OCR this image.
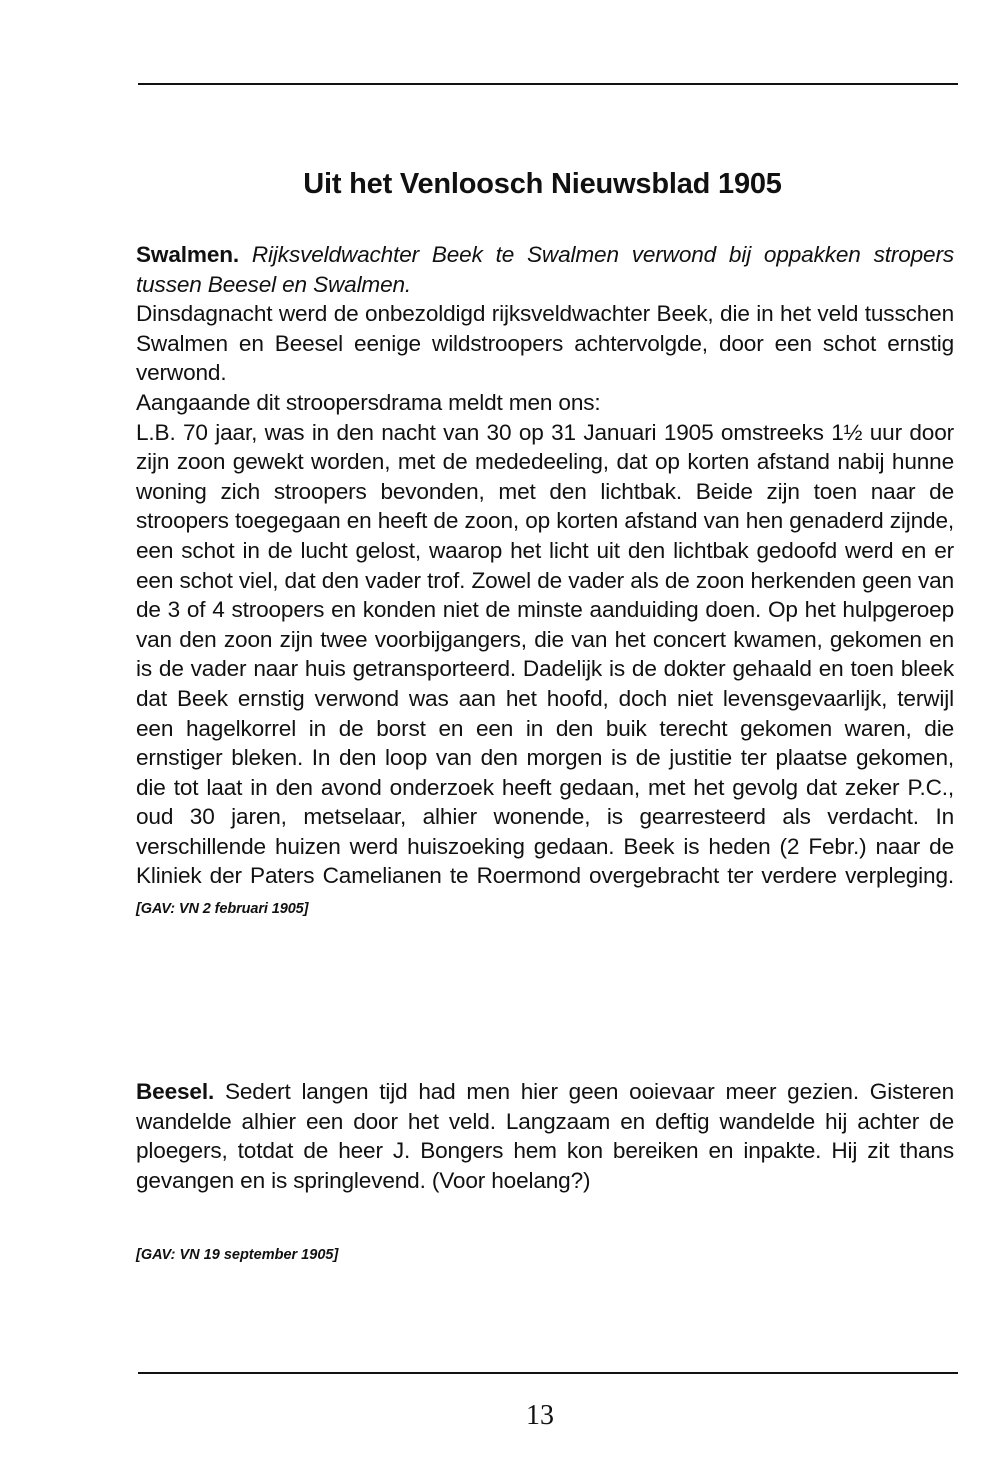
Uit het Venloosch Nieuwsblad 1905

Swalmen. Rijksveldwachter Beek te Swalmen verwond bij oppakken stropers tussen Beesel en Swalmen.

Dinsdagnacht werd de onbezoldigd rijksveldwachter Beek, die in het veld tusschen Swalmen en Beesel eenige wildstroopers achtervolgde, door een schot ernstig verwond.

Aangaande dit stroopersdrama meldt men ons:

L.B. 70 jaar, was in den nacht van 30 op 31 Januari 1905 omstreeks 1½ uur door zijn zoon gewekt worden, met de mededeeling, dat op korten afstand nabij hunne woning zich stroopers bevonden, met den lichtbak. Beide zijn toen naar de stroopers toegegaan en heeft de zoon, op korten afstand van hen genaderd zijnde, een schot in de lucht gelost, waarop het licht uit den lichtbak gedoofd werd en er een schot viel, dat den vader trof. Zowel de vader als de zoon herkenden geen van de 3 of 4 stroopers en konden niet de minste aanduiding doen. Op het hulpgeroep van den zoon zijn twee voorbijgangers, die van het concert kwamen, gekomen en is de vader naar huis getransporteerd. Dadelijk is de dokter gehaald en toen bleek dat Beek ernstig verwond was aan het hoofd, doch niet levensgevaarlijk, terwijl een hagelkorrel in de borst en een in den buik terecht gekomen waren, die ernstiger bleken. In den loop van den morgen is de justitie ter plaatse gekomen, die tot laat in den avond onderzoek heeft gedaan, met het gevolg dat zeker P.C., oud 30 jaren, metselaar, alhier wonende, is gearresteerd als verdacht. In verschillende huizen werd huiszoeking gedaan. Beek is heden (2 Febr.) naar de Kliniek der Paters Camelianen te Roermond overgebracht ter verdere verpleging. [GAV: VN 2 februari 1905]

Beesel. Sedert langen tijd had men hier geen ooievaar meer gezien. Gisteren wandelde alhier een door het veld. Langzaam en deftig wandelde hij achter de ploegers, totdat de heer J. Bongers hem kon bereiken en inpakte. Hij zit thans gevangen en is springlevend. (Voor hoelang?)

[GAV: VN 19 september 1905]
13
